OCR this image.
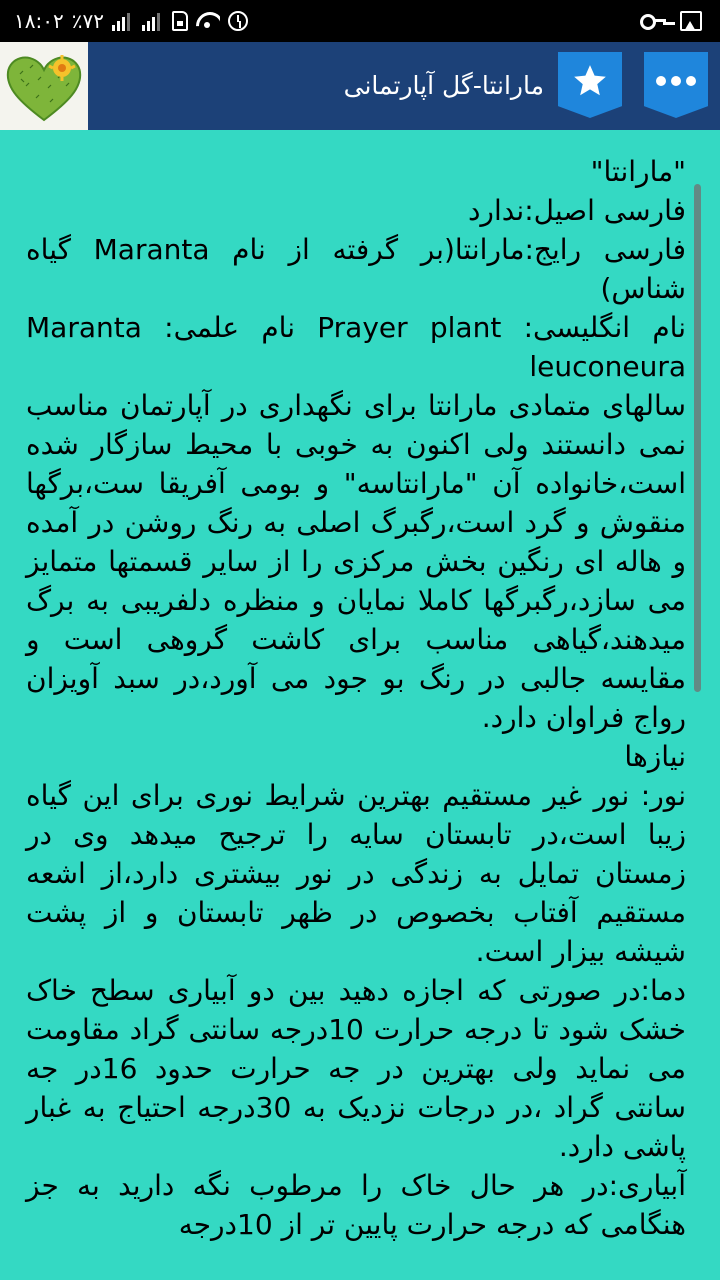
۱۸:۰۲ ٪۷۲
مارانتا-گل آپارتمانی

"مارانتا"

فارسی اصیل:ندارد

فارسی رایج:مارانتا(بر گرفته از نام Maranta گیاه شناس)

نام انگلیسی: Prayer plant نام علمی: Maranta leuconeura

سالهای متمادی مارانتا برای نگهداری در آپارتمان مناسب نمی دانستند ولی اکنون به خوبی با محیط سازگار شده است،خانواده آن "مارانتاسه" و بومی آفریقا ست،برگها منقوش و گرد است،رگبرگ اصلی به رنگ روشن در آمده و هاله ای رنگین بخش مرکزی را از سایر قسمتها متمایز می سازد،رگبرگها کاملا نمایان و منظره دلفریبی به برگ میدهند،گیاهی مناسب برای کاشت گروهی است و مقایسه جالبی در رنگ بو جود می آورد،در سبد آویزان رواج فراوان دارد.

نیازها

نور: نور غیر مستقیم بهترین شرایط نوری برای این گیاه زیبا است،در تابستان سایه را ترجیح میدهد وی در زمستان تمایل به زندگی در نور بیشتری دارد،از اشعه مستقیم آفتاب بخصوص در ظهر تابستان و از پشت شیشه بیزار است.

دما:در صورتی که اجازه دهید بین دو آبیاری سطح خاک خشک شود تا درجه حرارت 10درجه سانتی گراد مقاومت می نماید ولی بهترین در جه حرارت حدود 16در جه سانتی گراد ،در درجات نزدیک به 30درجه احتیاج به غبار پاشی دارد.

آبیاری:در هر حال خاک را مرطوب نگه دارید به جز هنگامی که درجه حرارت پایین تر از 10درجه
